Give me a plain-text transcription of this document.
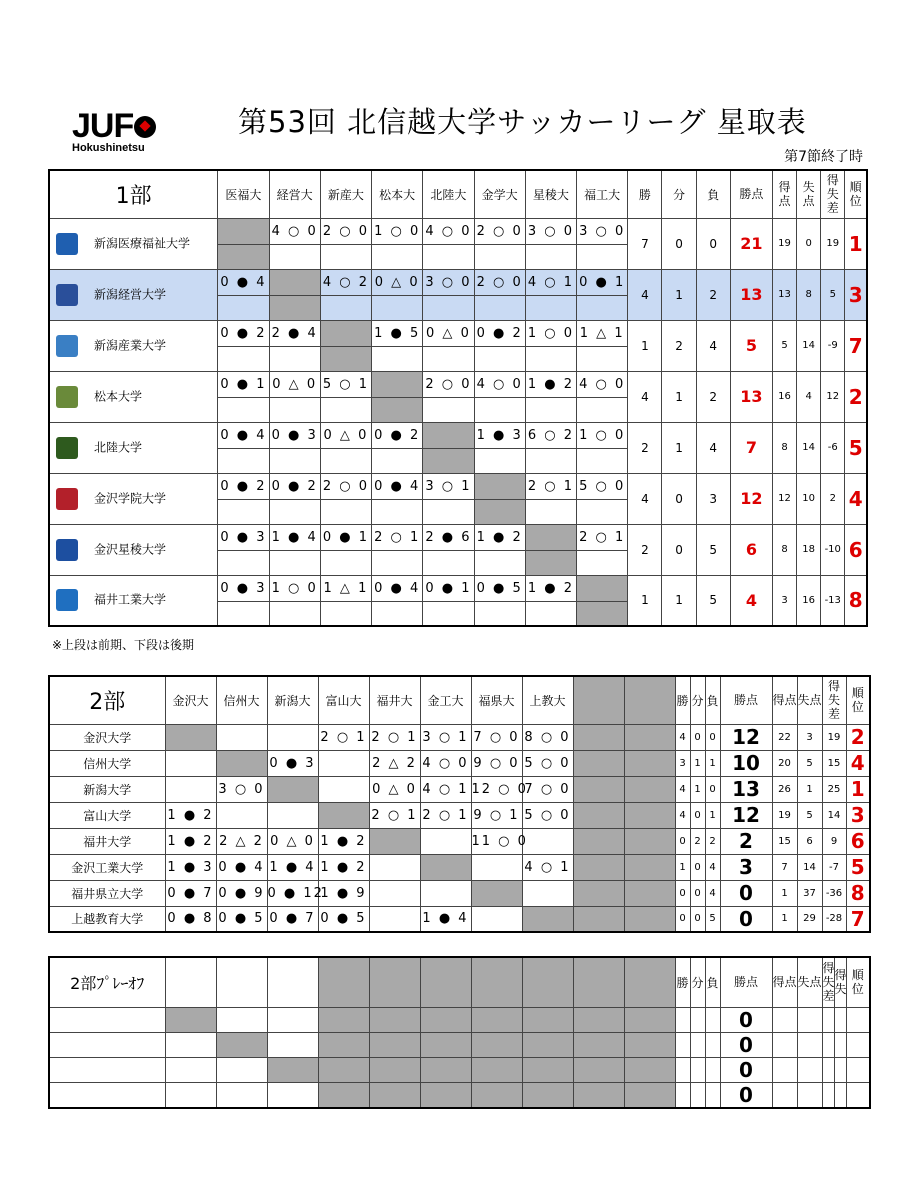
JUF
Hokushinetsu
第53回 北信越大学サッカーリーグ 星取表
第7節終了時
1部	医福大	経営大	新産大	松本大	北陸大	金学大	星稜大	福工大	勝	分	負	勝点	得点	失点	得失差	順位
新潟医療福祉大学		4 ○ 0	2 ○ 0	1 ○ 0	4 ○ 0	2 ○ 0	3 ○ 0	3 ○ 0	7	0	0	21	19	0	19	1

新潟経営大学	0 ● 4		4 ○ 2	0 △ 0	3 ○ 0	2 ○ 0	4 ○ 1	0 ● 1	4	1	2	13	13	8	5	3

新潟産業大学	0 ● 2	2 ● 4		1 ● 5	0 △ 0	0 ● 2	1 ○ 0	1 △ 1	1	2	4	5	5	14	-9	7

松本大学	0 ● 1	0 △ 0	5 ○ 1		2 ○ 0	4 ○ 0	1 ● 2	4 ○ 0	4	1	2	13	16	4	12	2

北陸大学	0 ● 4	0 ● 3	0 △ 0	0 ● 2		1 ● 3	6 ○ 2	1 ○ 0	2	1	4	7	8	14	-6	5

金沢学院大学	0 ● 2	0 ● 2	2 ○ 0	0 ● 4	3 ○ 1		2 ○ 1	5 ○ 0	4	0	3	12	12	10	2	4

金沢星稜大学	0 ● 3	1 ● 4	0 ● 1	2 ○ 1	2 ● 6	1 ● 2		2 ○ 1	2	0	5	6	8	18	-10	6

福井工業大学	0 ● 3	1 ○ 0	1 △ 1	0 ● 4	0 ● 1	0 ● 5	1 ● 2		1	1	5	4	3	16	-13	8

※上段は前期、下段は後期
2部	金沢大	信州大	新潟大	富山大	福井大	金工大	福県大	上教大			勝	分	負	勝点	得点	失点	得失差	順位
金沢大学				2 ○ 1	2 ○ 1	3 ○ 1	7 ○ 0	8 ○ 0			4	0	0	12	22	3	19	2
信州大学			0 ● 3		2 △ 2	4 ○ 0	9 ○ 0	5 ○ 0			3	1	1	10	20	5	15	4
新潟大学		3 ○ 0			0 △ 0	4 ○ 1	12 ○ 0	7 ○ 0			4	1	0	13	26	1	25	1
富山大学	1 ● 2				2 ○ 1	2 ○ 1	9 ○ 1	5 ○ 0			4	0	1	12	19	5	14	3
福井大学	1 ● 2	2 △ 2	0 △ 0	1 ● 2			11 ○ 0				0	2	2	2	15	6	9	6
金沢工業大学	1 ● 3	0 ● 4	1 ● 4	1 ● 2				4 ○ 1			1	0	4	3	7	14	-7	5
福井県立大学	0 ● 7	0 ● 9	0 ● 12	1 ● 9							0	0	4	0	1	37	-36	8
上越教育大学	0 ● 8	0 ● 5	0 ● 7	0 ● 5		1 ● 4					0	0	5	0	1	29	-28	7
2部ﾌﾟﾚｰｵﾌ											勝	分	負	勝点	得点	失点	得失差	得失	順位
														0					
														0					
														0					
														0					
